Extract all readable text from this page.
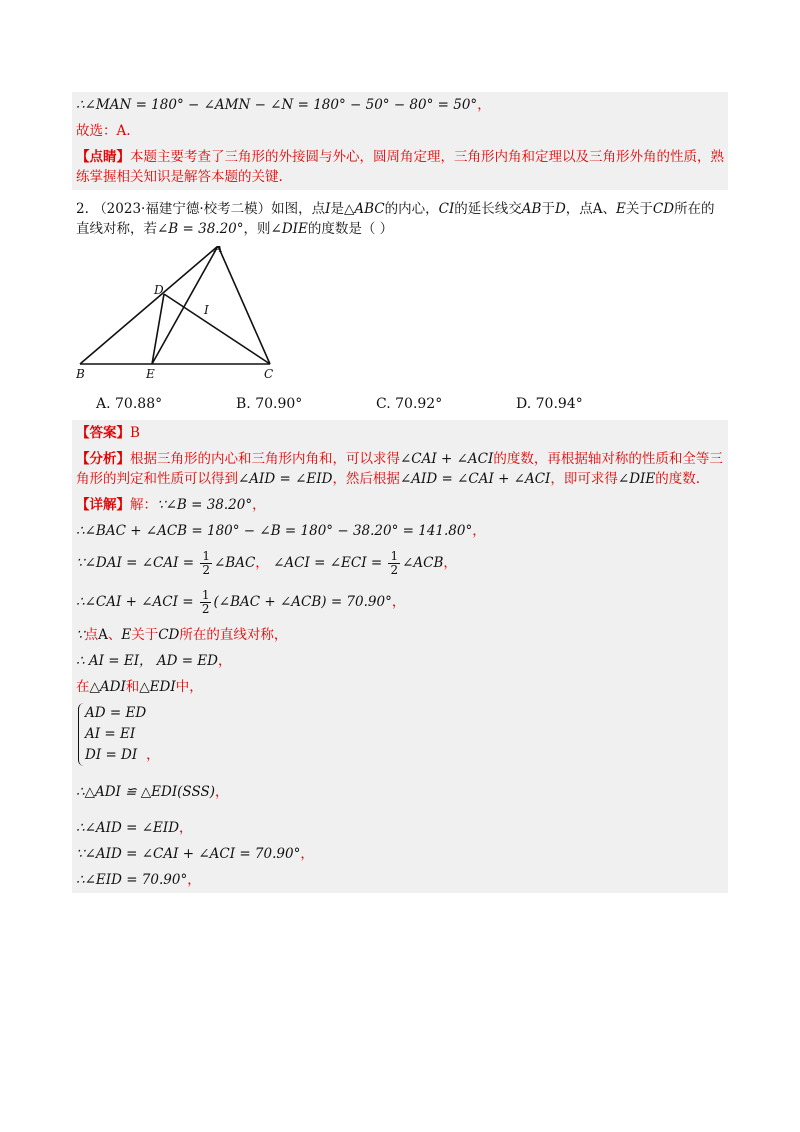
∴∠MAN = 180° − ∠AMN − ∠N = 180° − 50° − 80° = 50°，
故选：A.
【点睛】本题主要考查了三角形的外接圆与外心，圆周角定理，三角形内角和定理以及三角形外角的性质，熟练掌握相关知识是解答本题的关键.
2. （2023·福建宁德·校考二模）如图，点I是△ABC的内心，CI的延长线交AB于D，点A、E关于CD所在的直线对称，若∠B = 38.20°，则∠DIE的度数是（ ）
A
B	C
D
E
I
A. 70.88°	B. 70.90°	C. 70.92°	D. 70.94°
【答案】B
【分析】根据三角形的内心和三角形内角和，可以求得∠CAI + ∠ACI的度数，再根据轴对称的性质和全等三角形的判定和性质可以得到∠AID = ∠EID，然后根据∠AID = ∠CAI + ∠ACI，即可求得∠DIE的度数.
【详解】解：∵∠B = 38.20°，
∴∠BAC + ∠ACB = 180° − ∠B = 180° − 38.20° = 141.80°，
∵∠DAI = ∠CAI = $\frac{1}{2}$ ∠BAC， ∠ACI = ∠ECI = $\frac{1}{2}$ ∠ACB，
∴∠CAI + ∠ACI = $\frac{1}{2}$ (∠BAC + ∠ACB) = 70.90°，
∵点A、E关于CD所在的直线对称，
∴ AI = EI， AD = ED，
在△ADI和△EDI中，
AD = ED
AI = EI
DI = DI ，
∴△ADI ≌ △EDI(SSS)，
∴∠AID = ∠EID，
∵∠AID = ∠CAI + ∠ACI = 70.90°，
∴∠EID = 70.90°，
